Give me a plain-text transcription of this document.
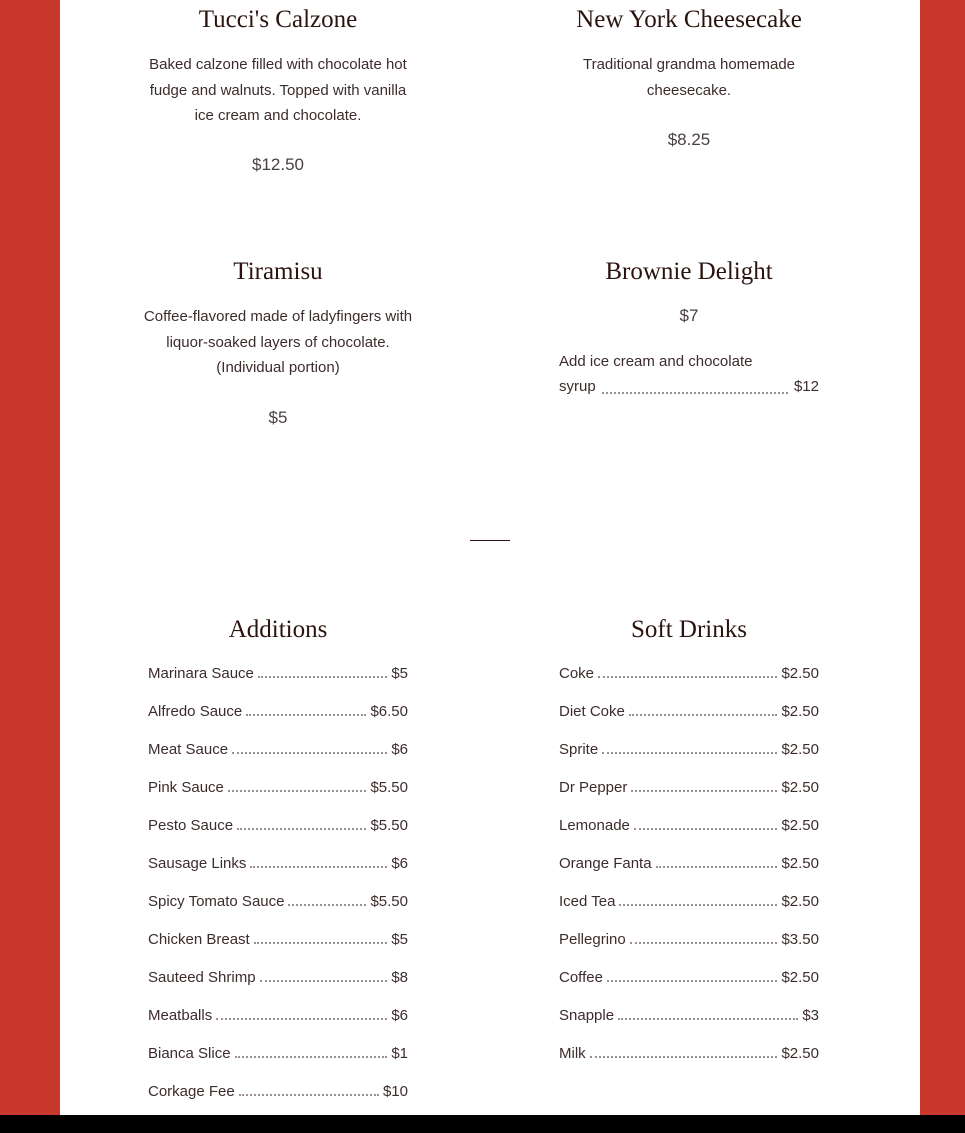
Tucci's Calzone
Baked calzone filled with chocolate hot
fudge and walnuts. Topped with vanilla
ice cream and chocolate.
$12.50
New York Cheesecake
Traditional grandma homemade
cheesecake.
$8.25
Tiramisu
Coffee-flavored made of ladyfingers with
liquor-soaked layers of chocolate.
(Individual portion)
$5
Brownie Delight
$7
Add ice cream and chocolate
syrup	$12
Additions
Marinara Sauce	$5
Alfredo Sauce	$6.50
Meat Sauce	$6
Pink Sauce	$5.50
Pesto Sauce	$5.50
Sausage Links	$6
Spicy Tomato Sauce	$5.50
Chicken Breast	$5
Sauteed Shrimp	$8
Meatballs	$6
Bianca Slice	$1
Corkage Fee	$10
Soft Drinks
Coke	$2.50
Diet Coke	$2.50
Sprite	$2.50
Dr Pepper	$2.50
Lemonade	$2.50
Orange Fanta	$2.50
Iced Tea	$2.50
Pellegrino	$3.50
Coffee	$2.50
Snapple	$3
Milk	$2.50
